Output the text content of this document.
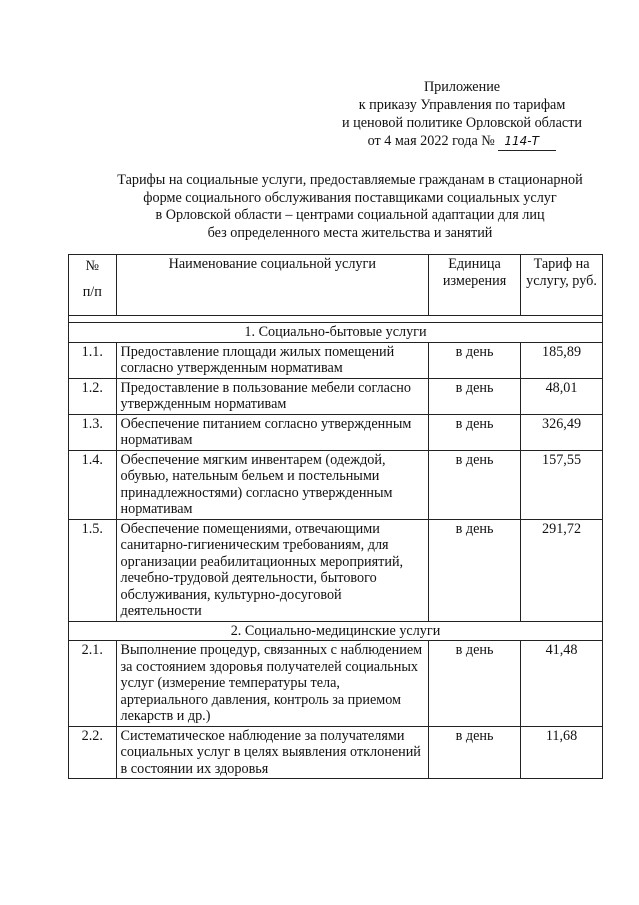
Приложение
к приказу Управления по тарифам
и ценовой политике Орловской области
от 4 мая 2022 года № 114-Т
Тарифы на социальные услуги, предоставляемые гражданам в стационарной
форме социального обслуживания поставщиками социальных услуг
в Орловской области – центрами социальной адаптации для лиц
без определенного места жительства и занятий
№
п/п	Наименование социальной услуги	Единица измерения	Тариф на услугу, руб.

1. Социально-бытовые услуги			
1.1.	Предоставление площади жилых помещений согласно утвержденным нормативам	в день	185,89
1.2.	Предоставление в пользование мебели согласно утвержденным нормативам	в день	48,01
1.3.	Обеспечение питанием согласно утвержденным нормативам	в день	326,49
1.4.	Обеспечение мягким инвентарем (одеждой, обувью, нательным бельем и постельными принадлежностями) согласно утвержденным нормативам	в день	157,55
1.5.	Обеспечение помещениями, отвечающими санитарно-гигиеническим требованиям, для организации реабилитационных мероприятий, лечебно-трудовой деятельности, бытового обслуживания, культурно-досуговой деятельности	в день	291,72
2. Социально-медицинские услуги			
2.1.	Выполнение процедур, связанных с наблюдением за состоянием здоровья получателей социальных услуг (измерение температуры тела, артериального давления, контроль за приемом лекарств и др.)	в день	41,48
2.2.	Систематическое наблюдение за получателями социальных услуг в целях выявления отклонений в состоянии их здоровья	в день	11,68
